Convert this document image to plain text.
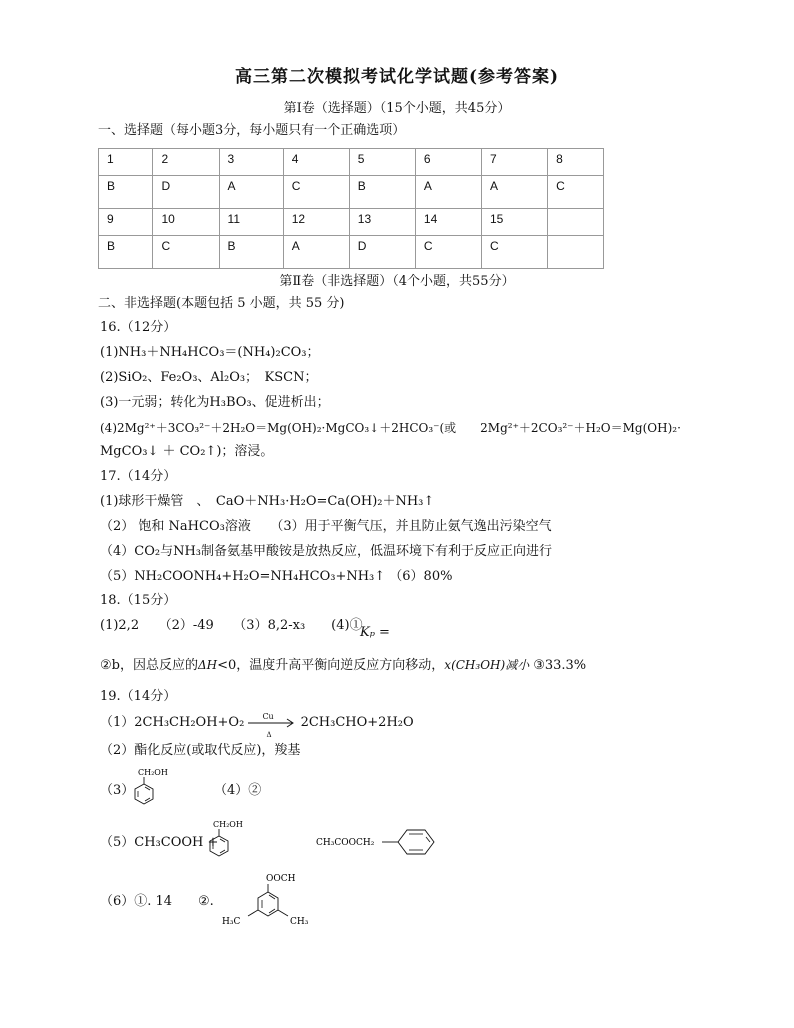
高三第二次模拟考试化学试题(参考答案)
第Ⅰ卷（选择题）（15个小题，共45分）
一、选择题（每小题3分，每小题只有一个正确选项）
1	2	3	4	5	6	7	8
B	D	A	C	B	A	A	C
9	10	11	12	13	14	15	
B	C	B	A	D	C	C	
第Ⅱ卷（非选择题）（4个小题，共55分）
二、非选择题(本题包括 5 小题，共 55 分)
16.（12分）
(1)NH₃＋NH₄HCO₃＝(NH₄)₂CO₃；
(2)SiO₂、Fe₂O₃、Al₂O₃；　KSCN；
(3)一元弱；转化为H₃BO₃、促进析出；
(4)2Mg²⁺＋3CO₃²⁻＋2H₂O＝Mg(OH)₂·MgCO₃↓＋2HCO₃⁻(或　　2Mg²⁺＋2CO₃²⁻＋H₂O＝Mg(OH)₂·
MgCO₃↓ ＋ CO₂↑)；溶浸。
17.（14分）
(1)球形干燥管　、　CaO＋NH₃·H₂O=Ca(OH)₂＋NH₃↑
（2） 饱和 NaHCO₃溶液　　（3）用于平衡气压，并且防止氨气逸出污染空气
（4）CO₂与NH₃制备氨基甲酸铵是放热反应，低温环境下有利于反应正向进行
（5）NH₂COONH₄+H₂O=NH₄HCO₃+NH₃↑ （6）80%
18.（15分）
(1)2,2　　（2）-49　　（3）8,2-x₃　　(4)①
Kₚ =
②b，因总反应的ΔH<0，温度升高平衡向逆反应方向移动，x(CH₃OH)减小 ③33.3%
19.（14分）
（1）2CH₃CH₂OH+O₂ Cu
Δ
2CH₃CHO+2H₂O
（2）酯化反应(或取代反应)，羧基
（3）
CH₂OH
（4）②
（5）CH₃COOH +
CH₂OH
CH₃COOCH₂
（6）①. 14 ②.
OOCH
H₃C	CH₃
